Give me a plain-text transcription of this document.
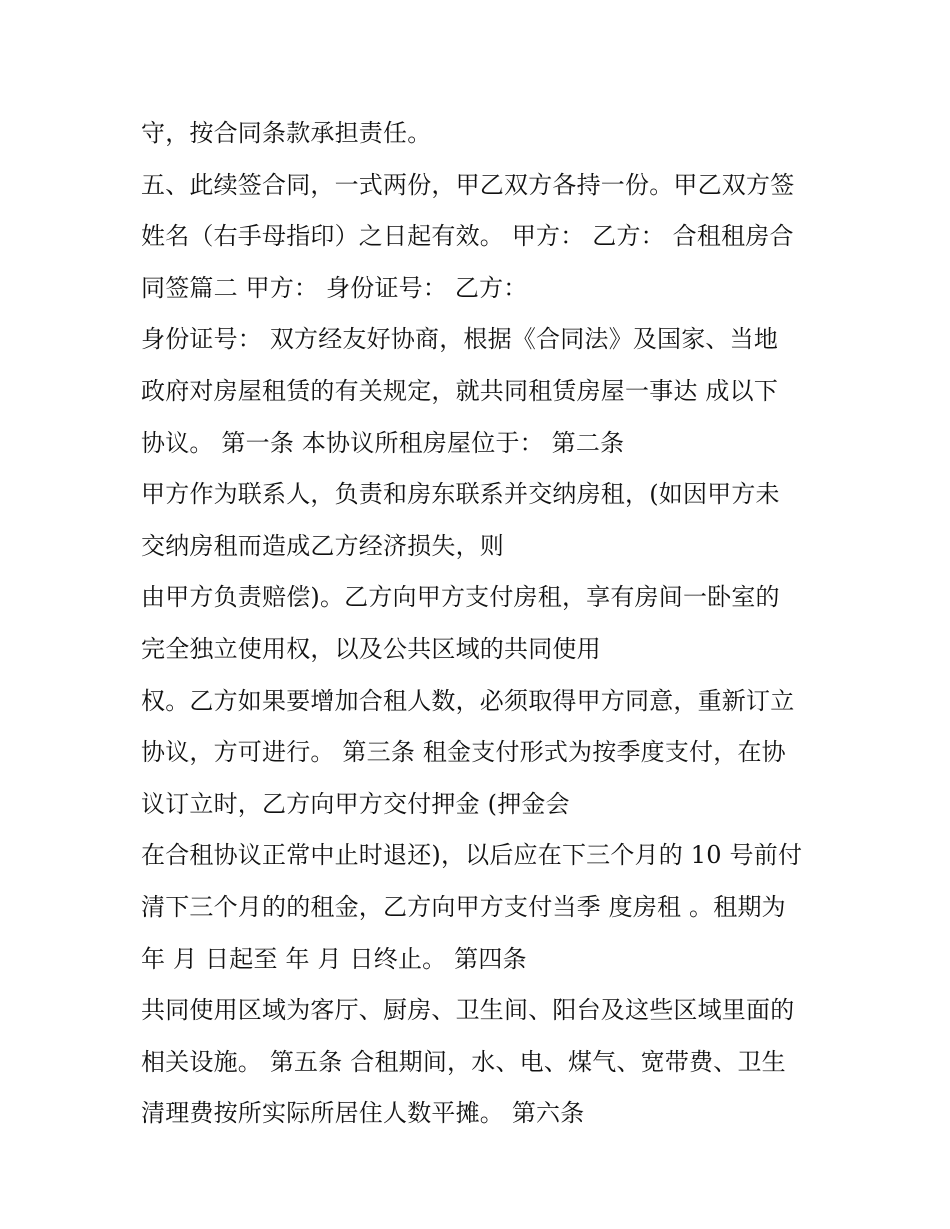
守，按合同条款承担责任。
五、此续签合同，一式两份，甲乙双方各持一份。甲乙双方签
姓名（右手母指印）之日起有效。 甲方： 乙方： 合租租房合
同签篇二 甲方： 身份证号： 乙方：
身份证号： 双方经友好协商，根据《合同法》及国家、当地
政府对房屋租赁的有关规定，就共同租赁房屋一事达 成以下
协议。 第一条 本协议所租房屋位于： 第二条
甲方作为联系人，负责和房东联系并交纳房租，(如因甲方未
交纳房租而造成乙方经济损失，则
由甲方负责赔偿)。乙方向甲方支付房租，享有房间一卧室的
完全独立使用权，以及公共区域的共同使用
权。乙方如果要增加合租人数，必须取得甲方同意，重新订立
协议，方可进行。 第三条 租金支付形式为按季度支付，在协
议订立时，乙方向甲方交付押金 (押金会
在合租协议正常中止时退还)，以后应在下三个月的 10 号前付
清下三个月的的租金，乙方向甲方支付当季 度房租 。租期为
年 月 日起至 年 月 日终止。 第四条
共同使用区域为客厅、厨房、卫生间、阳台及这些区域里面的
相关设施。 第五条 合租期间，水、电、煤气、宽带费、卫生
清理费按所实际所居住人数平摊。 第六条
